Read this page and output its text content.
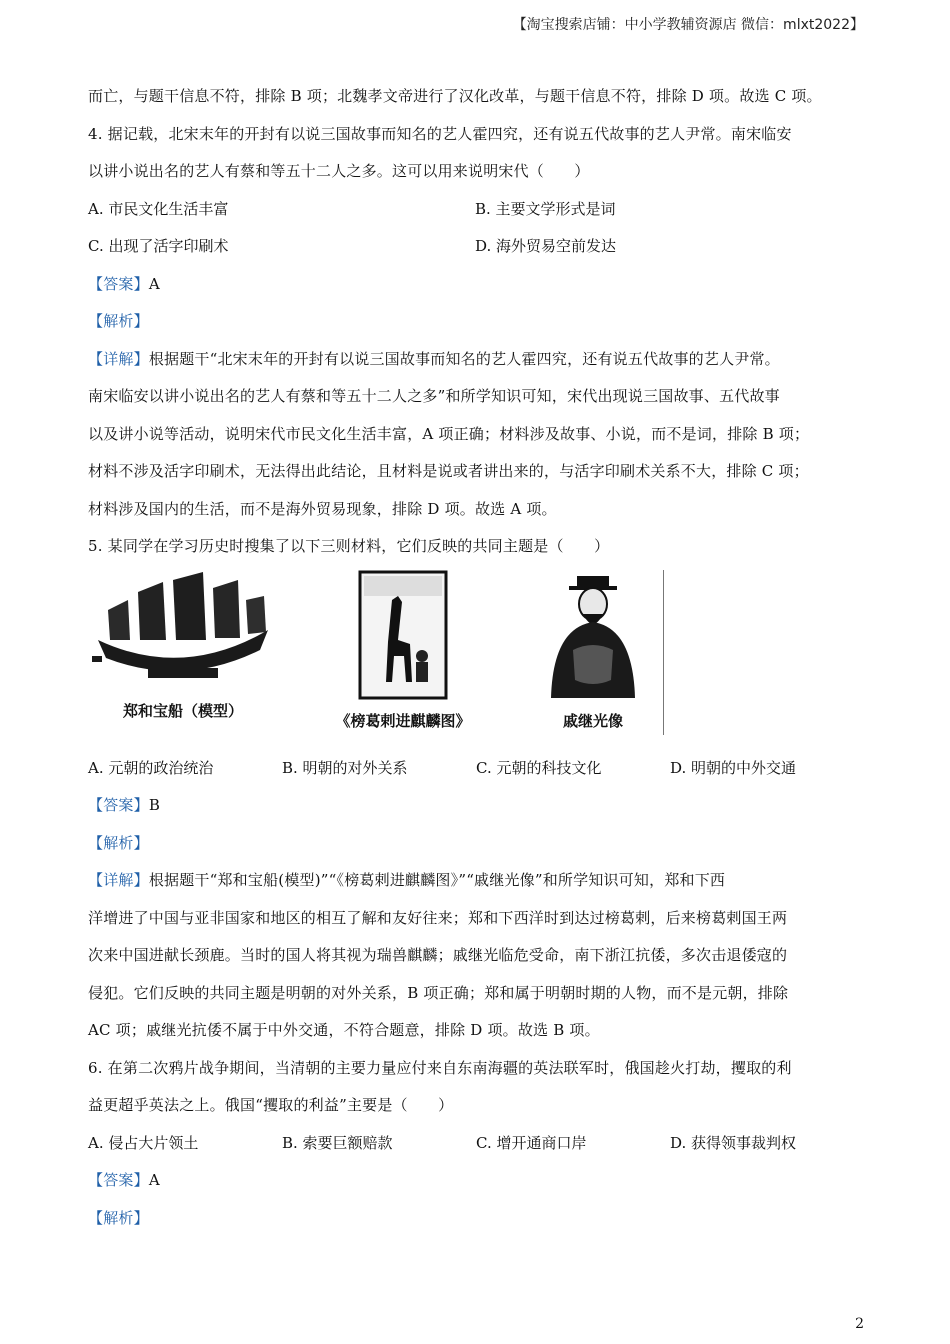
【淘宝搜索店铺：中小学教辅资源店 微信：mlxt2022】
而亡，与题干信息不符，排除 B 项；北魏孝文帝进行了汉化改革，与题干信息不符，排除 D 项。故选 C 项。
4. 据记载，北宋末年的开封有以说三国故事而知名的艺人霍四究，还有说五代故事的艺人尹常。南宋临安
以讲小说出名的艺人有蔡和等五十二人之多。这可以用来说明宋代（　　）
A. 市民文化生活丰富	B. 主要文学形式是词
C. 出现了活字印刷术	D. 海外贸易空前发达
【答案】A
【解析】
【详解】根据题干“北宋末年的开封有以说三国故事而知名的艺人霍四究，还有说五代故事的艺人尹常。
南宋临安以讲小说出名的艺人有蔡和等五十二人之多”和所学知识可知，宋代出现说三国故事、五代故事
以及讲小说等活动，说明宋代市民文化生活丰富，A 项正确；材料涉及故事、小说，而不是词，排除 B 项；
材料不涉及活字印刷术，无法得出此结论，且材料是说或者讲出来的，与活字印刷术关系不大，排除 C 项；
材料涉及国内的生活，而不是海外贸易现象，排除 D 项。故选 A 项。
5. 某同学在学习历史时搜集了以下三则材料，它们反映的共同主题是（　　）
郑和宝船（模型）
《榜葛剌进麒麟图》	戚继光像
A. 元朝的政治统治	B. 明朝的对外关系	C. 元朝的科技文化	D. 明朝的中外交通
【答案】B
【解析】
【详解】根据题干“郑和宝船(模型)”“《榜葛剌进麒麟图》”“戚继光像”和所学知识可知，郑和下西
洋增进了中国与亚非国家和地区的相互了解和友好往来；郑和下西洋时到达过榜葛剌，后来榜葛剌国王两
次来中国进献长颈鹿。当时的国人将其视为瑞兽麒麟；戚继光临危受命，南下浙江抗倭，多次击退倭寇的
侵犯。它们反映的共同主题是明朝的对外关系，B 项正确；郑和属于明朝时期的人物，而不是元朝，排除
AC 项；戚继光抗倭不属于中外交通，不符合题意，排除 D 项。故选 B 项。
6. 在第二次鸦片战争期间，当清朝的主要力量应付来自东南海疆的英法联军时，俄国趁火打劫，攫取的利
益更超乎英法之上。俄国“攫取的利益”主要是（　　）
A. 侵占大片领土	B. 索要巨额赔款	C. 增开通商口岸	D. 获得领事裁判权
【答案】A
【解析】
2
